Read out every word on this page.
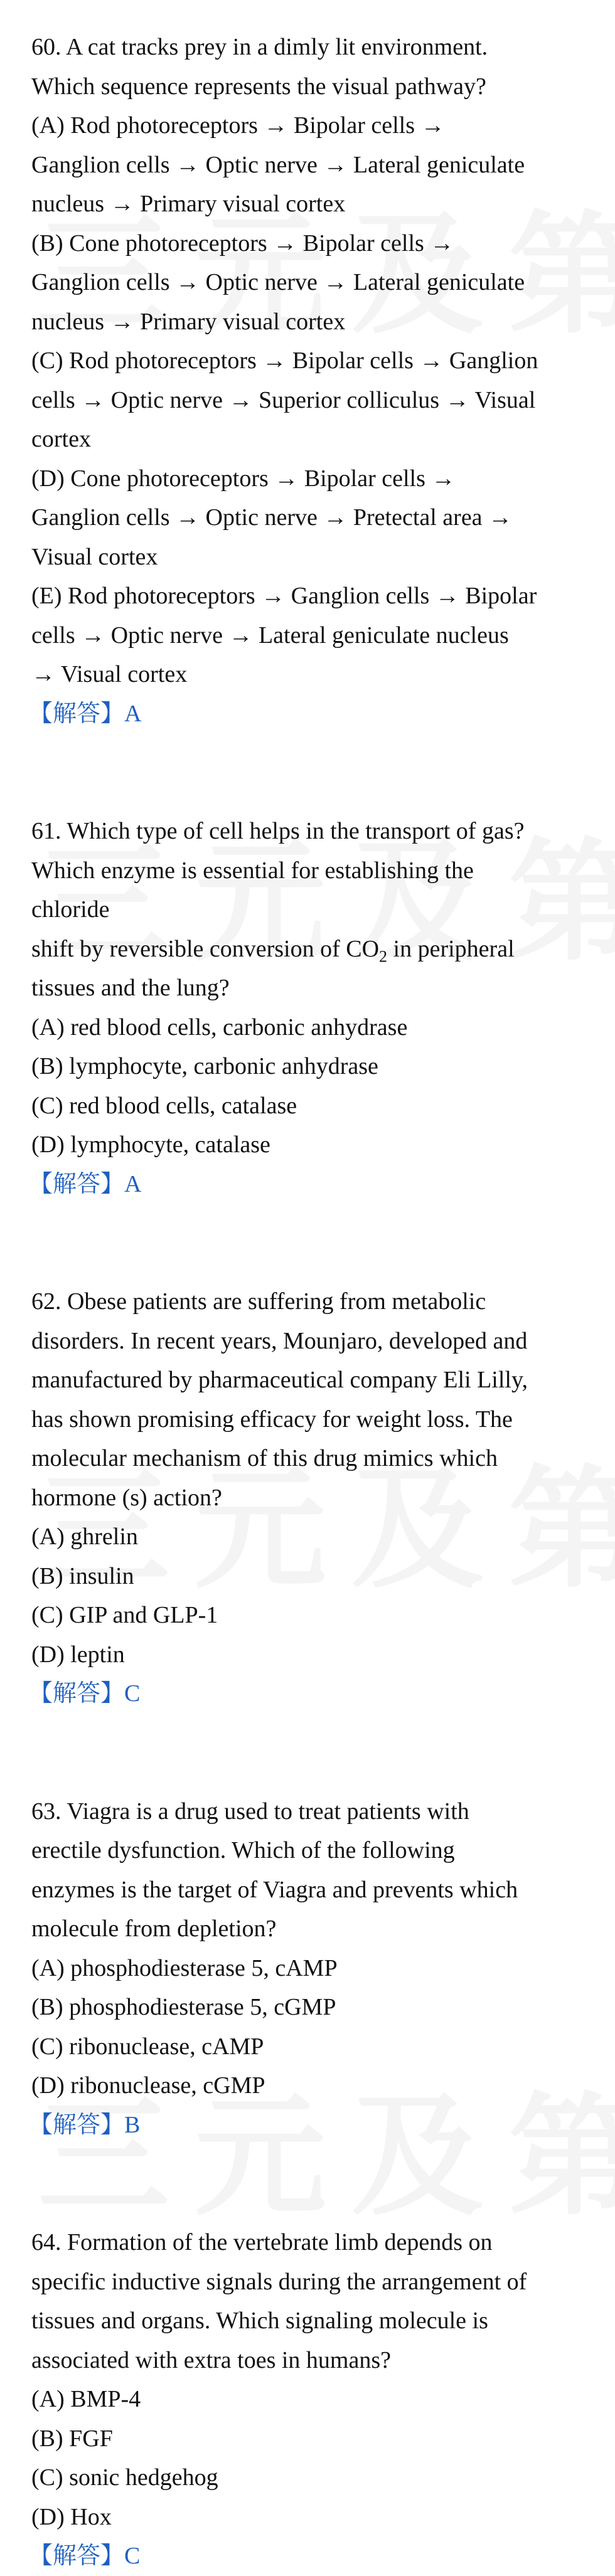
60. A cat tracks prey in a dimly lit environment.

Which sequence represents the visual pathway?

(A) Rod photoreceptors → Bipolar cells →

Ganglion cells → Optic nerve → Lateral geniculate

nucleus → Primary visual cortex

(B) Cone photoreceptors → Bipolar cells →

Ganglion cells → Optic nerve → Lateral geniculate

nucleus → Primary visual cortex

(C) Rod photoreceptors → Bipolar cells → Ganglion

cells → Optic nerve → Superior colliculus → Visual

cortex

(D) Cone photoreceptors → Bipolar cells →

Ganglion cells → Optic nerve → Pretectal area →

Visual cortex

(E) Rod photoreceptors → Ganglion cells → Bipolar

cells → Optic nerve → Lateral geniculate nucleus

→ Visual cortex

【解答】A

61. Which type of cell helps in the transport of gas?

Which enzyme is essential for establishing the

chloride

shift by reversible conversion of $CO_2$ in peripheral

tissues and the lung?

(A) red blood cells, carbonic anhydrase

(B) lymphocyte, carbonic anhydrase

(C) red blood cells, catalase

(D) lymphocyte, catalase

【解答】A

62. Obese patients are suffering from metabolic

disorders. In recent years, Mounjaro, developed and

manufactured by pharmaceutical company Eli Lilly,

has shown promising efficacy for weight loss. The

molecular mechanism of this drug mimics which

hormone (s) action?

(A) ghrelin

(B) insulin

(C) GIP and GLP-1

(D) leptin

【解答】C

63. Viagra is a drug used to treat patients with

erectile dysfunction. Which of the following

enzymes is the target of Viagra and prevents which

molecule from depletion?

(A) phosphodiesterase 5, cAMP

(B) phosphodiesterase 5, cGMP

(C) ribonuclease, cAMP

(D) ribonuclease, cGMP

【解答】B

64. Formation of the vertebrate limb depends on

specific inductive signals during the arrangement of

tissues and organs. Which signaling molecule is

associated with extra toes in humans?

(A) BMP-4

(B) FGF

(C) sonic hedgehog

(D) Hox

【解答】C
